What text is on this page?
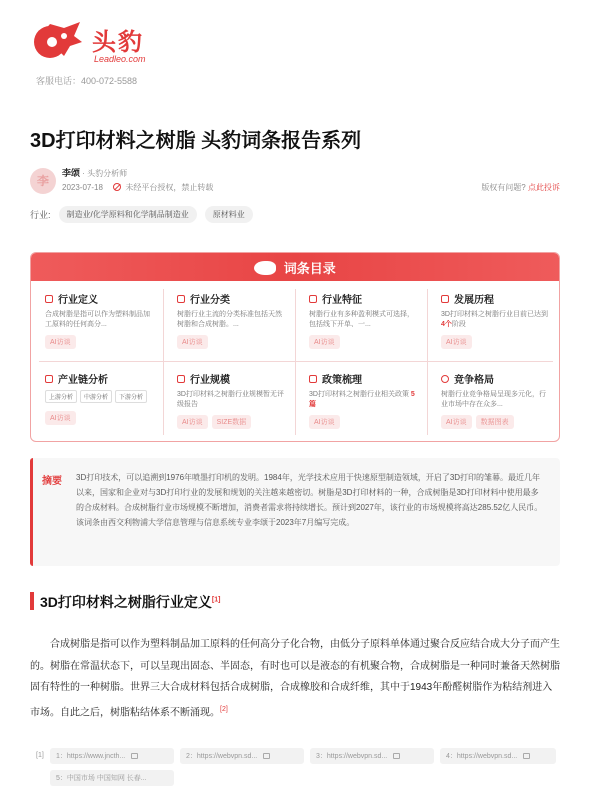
头豹
Leadleo.com
客服电话：400-072-5588
3D打印材料之树脂 头豹词条报告系列
李
李颂 · 头豹分析师
2023-07-18	未经平台授权，禁止转载	版权有问题? 点此投诉
行业:	制造业/化学原料和化学制品制造业	原材料业
词条目录
行业定义
合成树脂是指可以作为塑料制品加工原料的任何高分...
AI访谈
行业分类
树脂行业主流的分类标准包括天然树脂和合成树脂。...
AI访谈
行业特征
树脂行业有多种盈利模式可选择，包括线下开单、一...
AI访谈
发展历程
3D打印材料之树脂行业目前已达到 4个阶段
AI访谈
产业链分析
上游分析	中游分析	下游分析
AI访谈
行业规模
3D打印材料之树脂行业规模暂无评级报告
AI访谈	SIZE数据
政策梳理
3D打印材料之树脂行业相关政策 5篇
AI访谈
竞争格局
树脂行业竞争格局呈现多元化，行业市场中存在众多...
AI访谈	数据图表
摘要 3D打印技术，可以追溯到1976年喷墨打印机的发明。1984年，光学技术应用于快速原型制造领域，开启了3D打印的雏幕。最近几年以来，国家和企业对与3D打印行业的发展和规划的关注越来越密切。树脂是3D打印材料的一种，合成树脂是3D打印材料中使用最多的合成材料。合成树脂行业市场规模不断增加，消费者需求将持续增长。预计到2027年，该行业的市场规模将高达285.52亿人民币。该词条由西交利物浦大学信息管理与信息系统专业李颂于2023年7月编写完成。
3D打印材料之树脂行业定义[1]

合成树脂是指可以作为塑料制品加工原料的任何高分子化合物，由低分子原料单体通过聚合反应结合成大分子而产生的。树脂在常温状态下，可以呈现出固态、半固态，有时也可以是液态的有机聚合物，合成树脂是一种同时兼备天然树脂固有特性的一种树脂。世界三大合成材料包括合成树脂，合成橡胶和合成纤维，其中于1943年酚醛树脂作为粘结剂进入市场。自此之后，树脂粘结体系不断涌现。[2]

[1]	1：https://www.jncth...	2：https://webvpn.sd...	3：https://webvpn.sd...	4：https://webvpn.sd...
5：中国市场 中国知网 长春...
